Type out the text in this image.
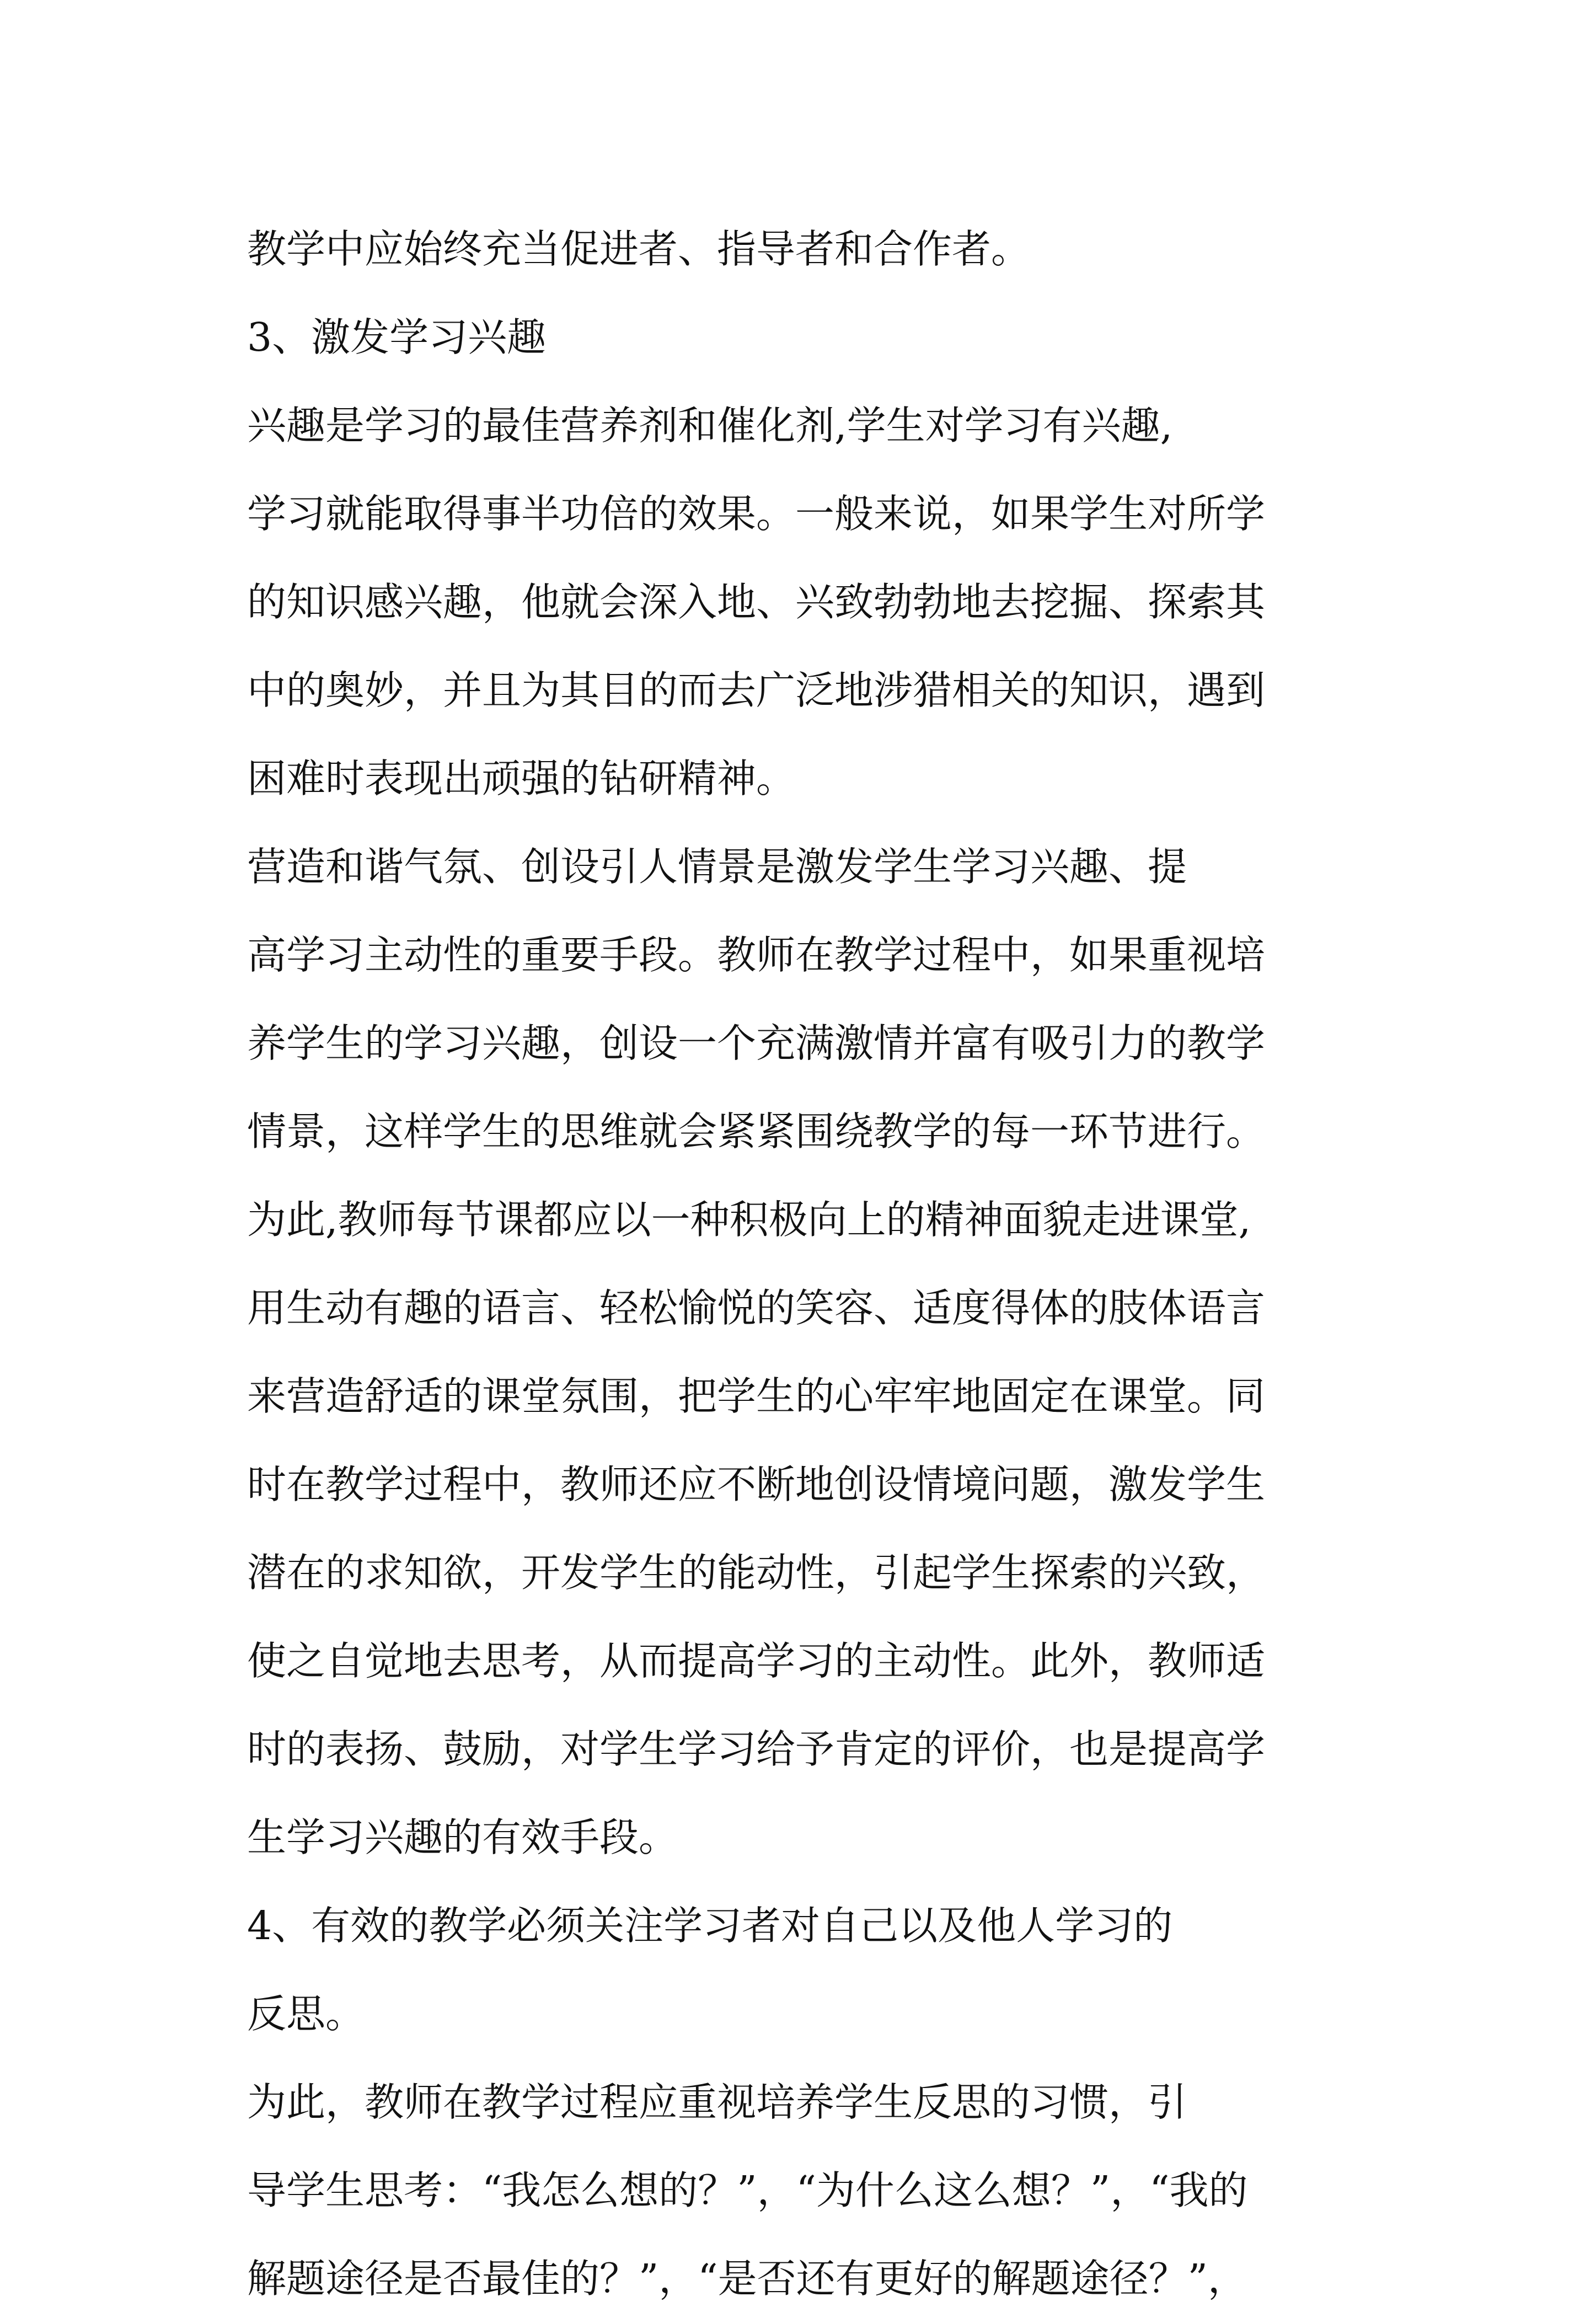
教学中应始终充当促进者、指导者和合作者。
3、激发学习兴趣
兴趣是学习的最佳营养剂和催化剂,学生对学习有兴趣,
学习就能取得事半功倍的效果。一般来说，如果学生对所学
的知识感兴趣，他就会深入地、兴致勃勃地去挖掘、探索其
中的奥妙，并且为其目的而去广泛地涉猎相关的知识，遇到
困难时表现出顽强的钻研精神。
营造和谐气氛、创设引人情景是激发学生学习兴趣、提
高学习主动性的重要手段。教师在教学过程中，如果重视培
养学生的学习兴趣，创设一个充满激情并富有吸引力的教学
情景，这样学生的思维就会紧紧围绕教学的每一环节进行。
为此,教师每节课都应以一种积极向上的精神面貌走进课堂,
用生动有趣的语言、轻松愉悦的笑容、适度得体的肢体语言
来营造舒适的课堂氛围，把学生的心牢牢地固定在课堂。同
时在教学过程中，教师还应不断地创设情境问题，激发学生
潜在的求知欲，开发学生的能动性，引起学生探索的兴致，
使之自觉地去思考，从而提高学习的主动性。此外，教师适
时的表扬、鼓励，对学生学习给予肯定的评价，也是提高学
生学习兴趣的有效手段。
4、有效的教学必须关注学习者对自己以及他人学习的
反思。
为此，教师在教学过程应重视培养学生反思的习惯，引
导学生思考：“我怎么想的？”，“为什么这么想？”，“我的
解题途径是否最佳的？”，“是否还有更好的解题途径？”，
